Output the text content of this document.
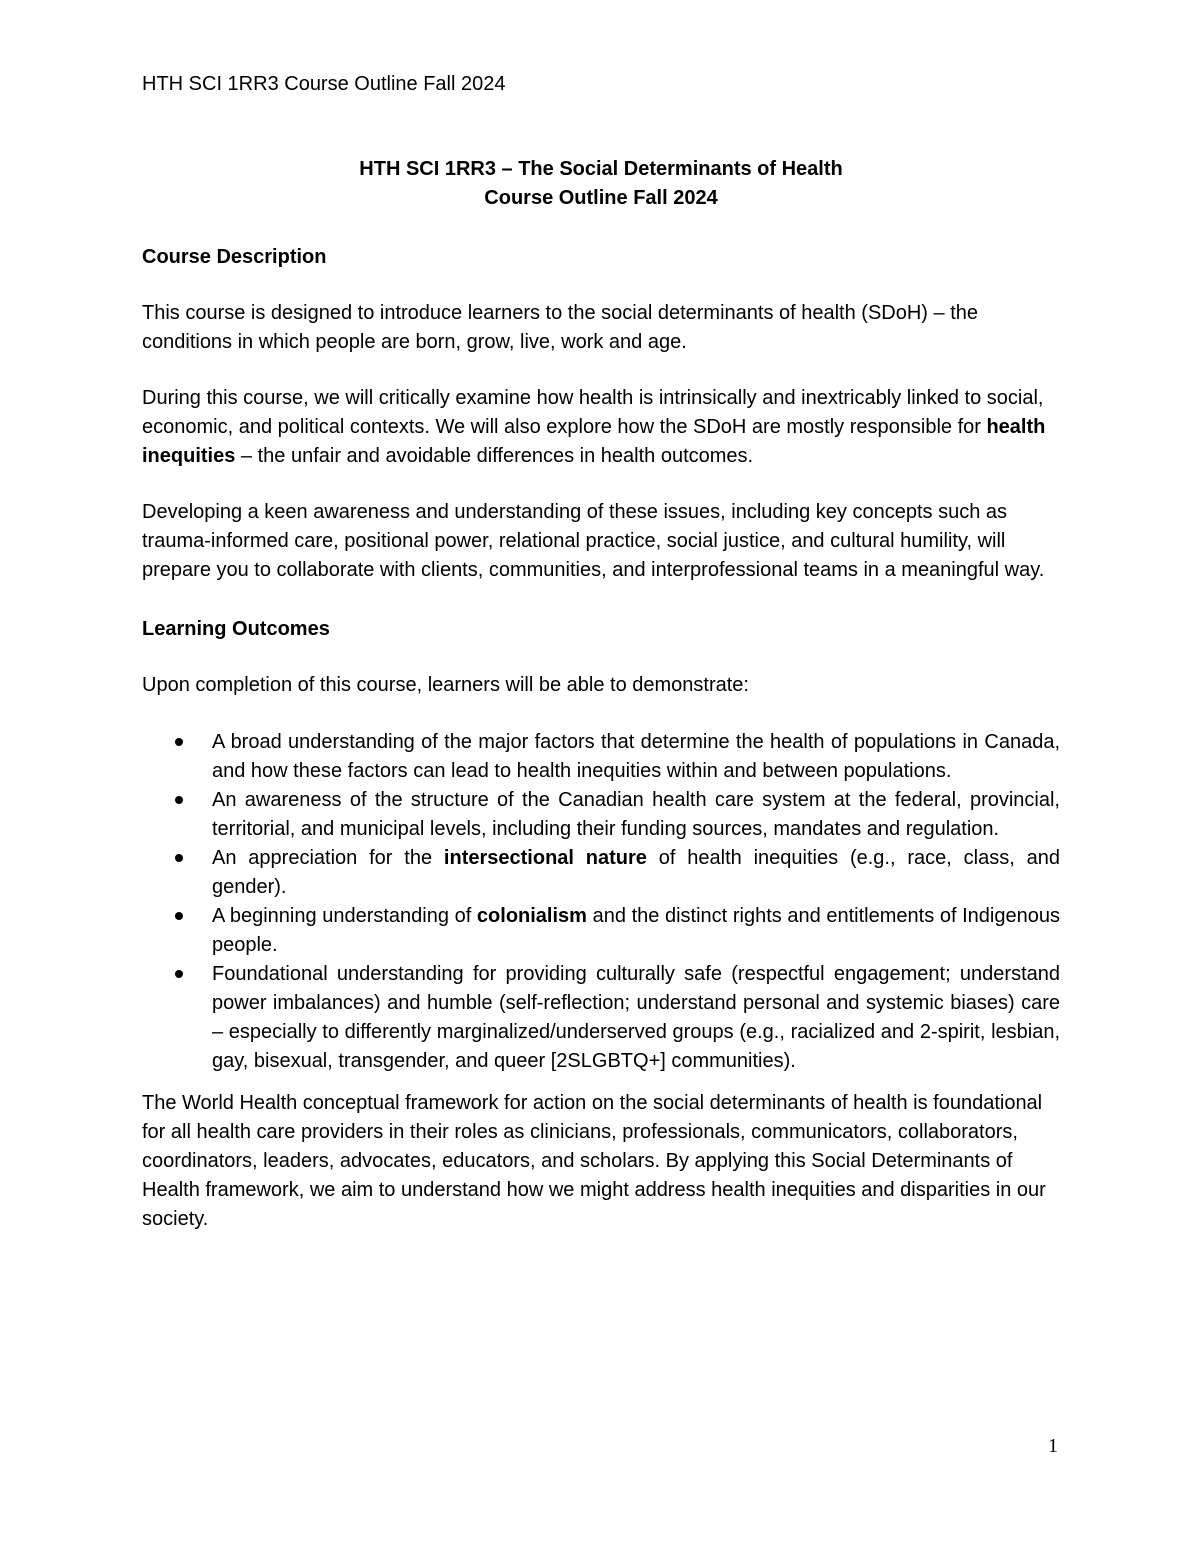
HTH SCI 1RR3 Course Outline Fall 2024
HTH SCI 1RR3 – The Social Determinants of Health
Course Outline Fall 2024
Course Description

This course is designed to introduce learners to the social determinants of health (SDoH) – the conditions in which people are born, grow, live, work and age.

During this course, we will critically examine how health is intrinsically and inextricably linked to social, economic, and political contexts. We will also explore how the SDoH are mostly responsible for health inequities – the unfair and avoidable differences in health outcomes.

Developing a keen awareness and understanding of these issues, including key concepts such as trauma-informed care, positional power, relational practice, social justice, and cultural humility, will prepare you to collaborate with clients, communities, and interprofessional teams in a meaningful way.

Learning Outcomes

Upon completion of this course, learners will be able to demonstrate:

A broad understanding of the major factors that determine the health of populations in Canada, and how these factors can lead to health inequities within and between populations.
An awareness of the structure of the Canadian health care system at the federal, provincial, territorial, and municipal levels, including their funding sources, mandates and regulation.
An appreciation for the intersectional nature of health inequities (e.g., race, class, and gender).
A beginning understanding of colonialism and the distinct rights and entitlements of Indigenous people.
Foundational understanding for providing culturally safe (respectful engagement; understand power imbalances) and humble (self-reflection; understand personal and systemic biases) care – especially to differently marginalized/underserved groups (e.g., racialized and 2-spirit, lesbian, gay, bisexual, transgender, and queer [2SLGBTQ+] communities).

The World Health conceptual framework for action on the social determinants of health is foundational for all health care providers in their roles as clinicians, professionals, communicators, collaborators, coordinators, leaders, advocates, educators, and scholars. By applying this Social Determinants of Health framework, we aim to understand how we might address health inequities and disparities in our society.

1
